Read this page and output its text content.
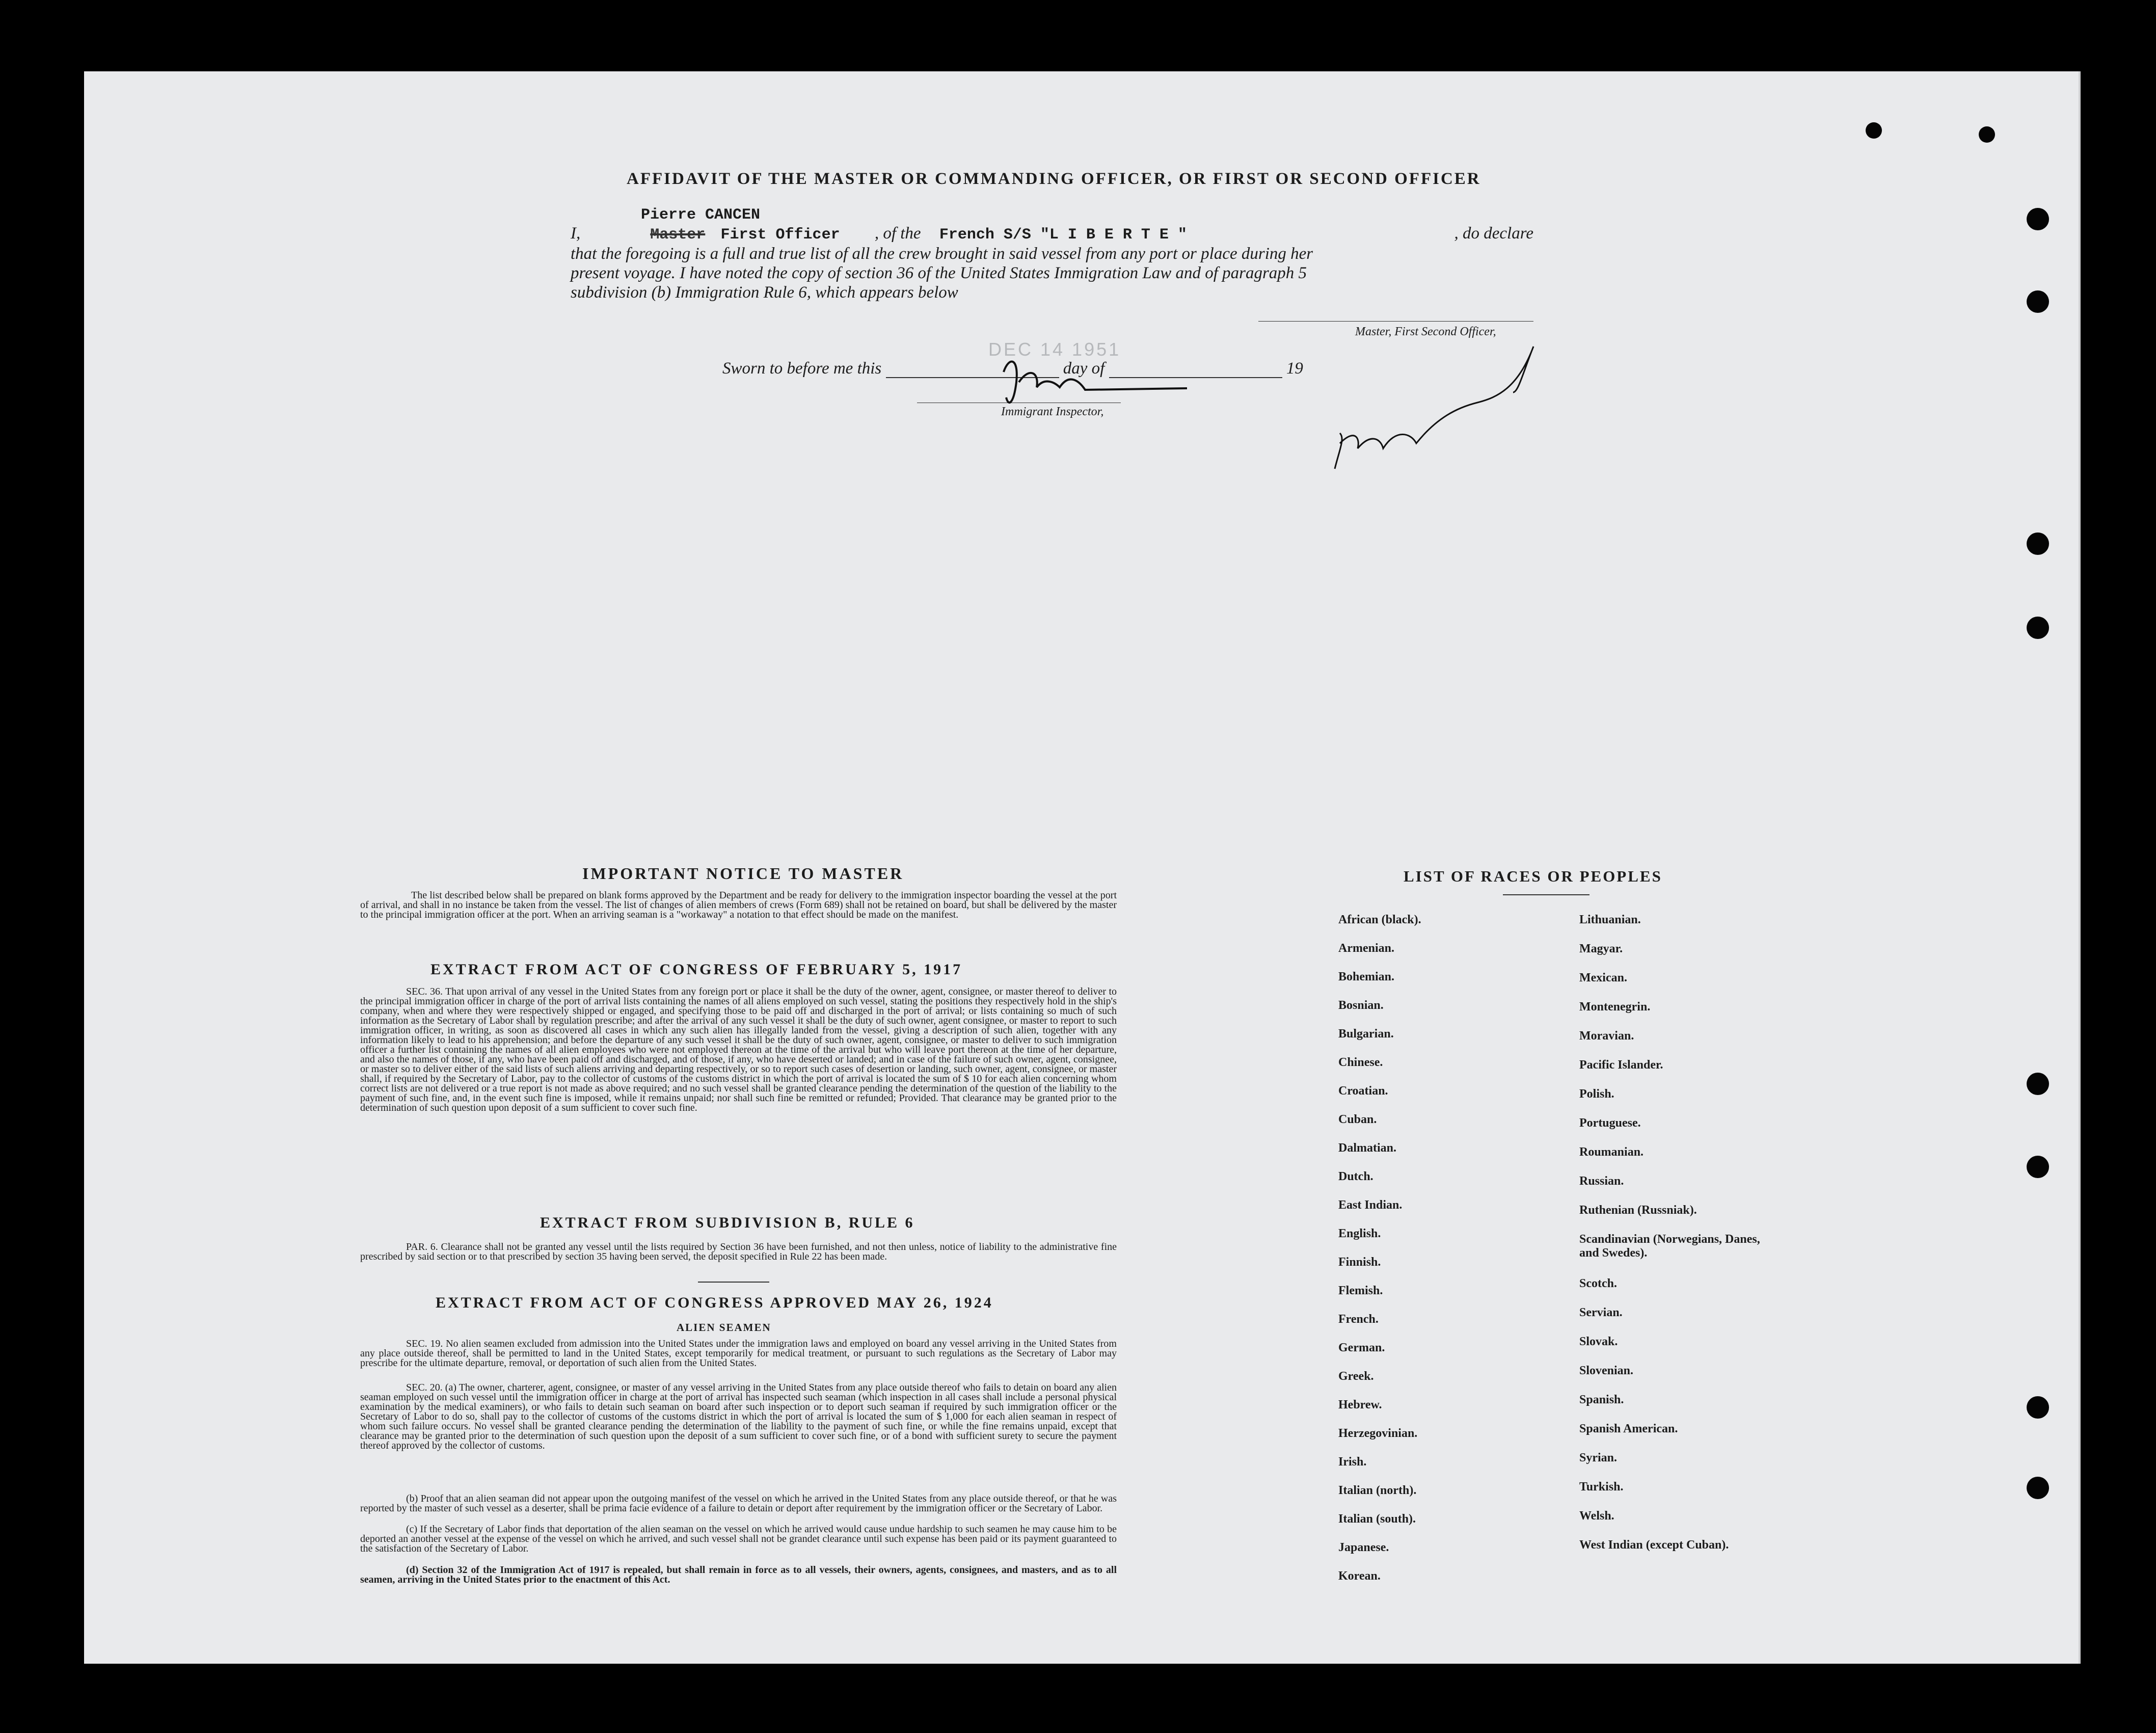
AFFIDAVIT OF THE MASTER OR COMMANDING OFFICER, OR FIRST OR SECOND OFFICER
Pierre CANCEN
I,	Master First Officer , of the French S/S "L I B E R T E "	, do declare
that the foregoing is a full and true list of all the crew brought in said vessel from any port or place during her
present voyage. I have noted the copy of section 36 of the United States Immigration Law and of paragraph 5
subdivision (b) Immigration Rule 6, which appears below
Master, First Second Officer,
Sworn to before me this	day of	19
DEC 14 1951
Immigrant Inspector,
IMPORTANT NOTICE TO MASTER
The list described below shall be prepared on blank forms approved by the Department and be ready for delivery to the immigration inspector boarding the vessel at the port of arrival, and shall in no instance be taken from the vessel. The list of changes of alien members of crews (Form 689) shall not be retained on board, but shall be delivered by the master to the principal immigration officer at the port. When an arriving seaman is a "workaway" a notation to that effect should be made on the manifest.
EXTRACT FROM ACT OF CONGRESS OF FEBRUARY 5, 1917
SEC. 36. That upon arrival of any vessel in the United States from any foreign port or place it shall be the duty of the owner, agent, consignee, or master thereof to deliver to the principal immigration officer in charge of the port of arrival lists containing the names of all aliens employed on such vessel, stating the positions they respectively hold in the ship's company, when and where they were respectively shipped or engaged, and specifying those to be paid off and discharged in the port of arrival; or lists containing so much of such information as the Secretary of Labor shall by regulation prescribe; and after the arrival of any such vessel it shall be the duty of such owner, agent consignee, or master to report to such immigration officer, in writing, as soon as discovered all cases in which any such alien has illegally landed from the vessel, giving a description of such alien, together with any information likely to lead to his apprehension; and before the departure of any such vessel it shall be the duty of such owner, agent, consignee, or master to deliver to such immigration officer a further list containing the names of all alien employees who were not employed thereon at the time of the arrival but who will leave port thereon at the time of her departure, and also the names of those, if any, who have been paid off and discharged, and of those, if any, who have deserted or landed; and in case of the failure of such owner, agent, consignee, or master so to deliver either of the said lists of such aliens arriving and departing respectively, or so to report such cases of desertion or landing, such owner, agent, consignee, or master shall, if required by the Secretary of Labor, pay to the collector of customs of the customs district in which the port of arrival is located the sum of $ 10 for each alien concerning whom correct lists are not delivered or a true report is not made as above required; and no such vessel shall be granted clearance pending the determination of the question of the liability to the payment of such fine, and, in the event such fine is imposed, while it remains unpaid; nor shall such fine be remitted or refunded; Provided. That clearance may be granted prior to the determination of such question upon deposit of a sum sufficient to cover such fine.
EXTRACT FROM SUBDIVISION B, RULE 6
PAR. 6. Clearance shall not be granted any vessel until the lists required by Section 36 have been furnished, and not then unless, notice of liability to the administrative fine prescribed by said section or to that prescribed by section 35 having been served, the deposit specified in Rule 22 has been made.
EXTRACT FROM ACT OF CONGRESS APPROVED MAY 26, 1924
ALIEN SEAMEN
SEC. 19. No alien seamen excluded from admission into the United States under the immigration laws and employed on board any vessel arriving in the United States from any place outside thereof, shall be permitted to land in the United States, except temporarily for medical treatment, or pursuant to such regulations as the Secretary of Labor may prescribe for the ultimate departure, removal, or deportation of such alien from the United States.
SEC. 20. (a) The owner, charterer, agent, consignee, or master of any vessel arriving in the United States from any place outside thereof who fails to detain on board any alien seaman employed on such vessel until the immigration officer in charge at the port of arrival has inspected such seaman (which inspection in all cases shall include a personal physical examination by the medical examiners), or who fails to detain such seaman on board after such inspection or to deport such seaman if required by such immigration officer or the Secretary of Labor to do so, shall pay to the collector of customs of the customs district in which the port of arrival is located the sum of $ 1,000 for each alien seaman in respect of whom such failure occurs. No vessel shall be granted clearance pending the determination of the liability to the payment of such fine, or while the fine remains unpaid, except that clearance may be granted prior to the determination of such question upon the deposit of a sum sufficient to cover such fine, or of a bond with sufficient surety to secure the payment thereof approved by the collector of customs.
(b) Proof that an alien seaman did not appear upon the outgoing manifest of the vessel on which he arrived in the United States from any place outside thereof, or that he was reported by the master of such vessel as a deserter, shall be prima facie evidence of a failure to detain or deport after requirement by the immigration officer or the Secretary of Labor.
(c) If the Secretary of Labor finds that deportation of the alien seaman on the vessel on which he arrived would cause undue hardship to such seamen he may cause him to be deported an another vessel at the expense of the vessel on which he arrived, and such vessel shall not be grandet clearance until such expense has been paid or its payment guaranteed to the satisfaction of the Secretary of Labor.
(d) Section 32 of the Immigration Act of 1917 is repealed, but shall remain in force as to all vessels, their owners, agents, consignees, and masters, and as to all seamen, arriving in the United States prior to the enactment of this Act.
LIST OF RACES OR PEOPLES
African (black).
Armenian.
Bohemian.
Bosnian.
Bulgarian.
Chinese.
Croatian.
Cuban.
Dalmatian.
Dutch.
East Indian.
English.
Finnish.
Flemish.
French.
German.
Greek.
Hebrew.
Herzegovinian.
Irish.
Italian (north).
Italian (south).
Japanese.
Korean.
Lithuanian.
Magyar.
Mexican.
Montenegrin.
Moravian.
Pacific Islander.
Polish.
Portuguese.
Roumanian.
Russian.
Ruthenian (Russniak).
Scandinavian (Norwegians, Danes, and Swedes).
Scotch.
Servian.
Slovak.
Slovenian.
Spanish.
Spanish American.
Syrian.
Turkish.
Welsh.
West Indian (except Cuban).
